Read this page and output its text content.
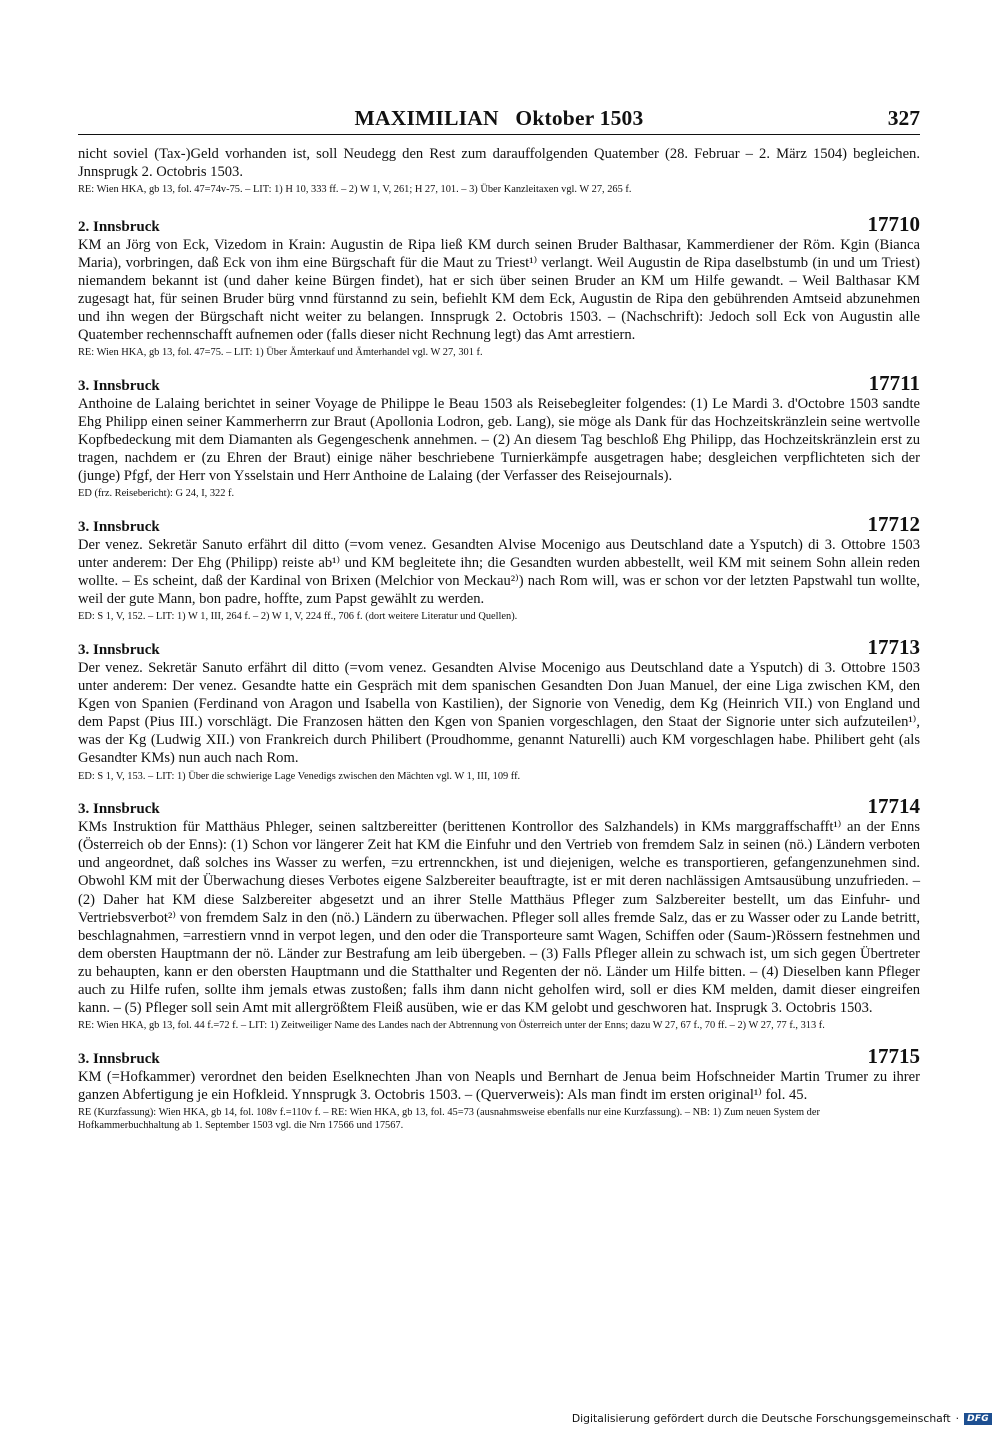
MAXIMILIAN   Oktober 1503	327

nicht soviel (Tax-)Geld vorhanden ist, soll Neudegg den Rest zum darauffolgenden Quatember (28. Februar – 2. März 1504) begleichen. Jnnsprugk 2. Octobris 1503.

RE: Wien HKA, gb 13, fol. 47=74v-75. – LIT: 1) H 10, 333 ff. – 2) W 1, V, 261; H 27, 101. – 3) Über Kanzleitaxen vgl. W 27, 265 f.
2. Innsbruck	17710

KM an Jörg von Eck, Vizedom in Krain: Augustin de Ripa ließ KM durch seinen Bruder Balthasar, Kammerdiener der Röm. Kgin (Bianca Maria), vorbringen, daß Eck von ihm eine Bürgschaft für die Maut zu Triest¹⁾ verlangt. Weil Augustin de Ripa daselbstumb (in und um Triest) niemandem bekannt ist (und daher keine Bürgen findet), hat er sich über seinen Bruder an KM um Hilfe gewandt. – Weil Balthasar KM zugesagt hat, für seinen Bruder bürg vnnd fürstannd zu sein, befiehlt KM dem Eck, Augustin de Ripa den gebührenden Amtseid abzunehmen und ihn wegen der Bürgschaft nicht weiter zu belangen. Innsprugk 2. Octobris 1503. – (Nachschrift): Jedoch soll Eck von Augustin alle Quatember rechennschafft aufnemen oder (falls dieser nicht Rechnung legt) das Amt arrestiern.

RE: Wien HKA, gb 13, fol. 47=75. – LIT: 1) Über Ämterkauf und Ämterhandel vgl. W 27, 301 f.
3. Innsbruck	17711

Anthoine de Lalaing berichtet in seiner Voyage de Philippe le Beau 1503 als Reisebegleiter folgendes: (1) Le Mardi 3. d'Octobre 1503 sandte Ehg Philipp einen seiner Kammerherrn zur Braut (Apollonia Lodron, geb. Lang), sie möge als Dank für das Hochzeitskränzlein seine wertvolle Kopfbedeckung mit dem Diamanten als Gegengeschenk annehmen. – (2) An diesem Tag beschloß Ehg Philipp, das Hochzeitskränzlein erst zu tragen, nachdem er (zu Ehren der Braut) einige näher beschriebene Turnierkämpfe ausgetragen habe; desgleichen verpflichteten sich der (junge) Pfgf, der Herr von Ysselstain und Herr Anthoine de Lalaing (der Verfasser des Reisejournals).

ED (frz. Reisebericht): G 24, I, 322 f.
3. Innsbruck	17712

Der venez. Sekretär Sanuto erfährt dil ditto (=vom venez. Gesandten Alvise Mocenigo aus Deutschland date a Ysputch) di 3. Ottobre 1503 unter anderem: Der Ehg (Philipp) reiste ab¹⁾ und KM begleitete ihn; die Gesandten wurden abbestellt, weil KM mit seinem Sohn allein reden wollte. – Es scheint, daß der Kardinal von Brixen (Melchior von Meckau²⁾) nach Rom will, was er schon vor der letzten Papstwahl tun wollte, weil der gute Mann, bon padre, hoffte, zum Papst gewählt zu werden.

ED: S 1, V, 152. – LIT: 1) W 1, III, 264 f. – 2) W 1, V, 224 ff., 706 f. (dort weitere Literatur und Quellen).
3. Innsbruck	17713

Der venez. Sekretär Sanuto erfährt dil ditto (=vom venez. Gesandten Alvise Mocenigo aus Deutschland date a Ysputch) di 3. Ottobre 1503 unter anderem: Der venez. Gesandte hatte ein Gespräch mit dem spanischen Gesandten Don Juan Manuel, der eine Liga zwischen KM, den Kgen von Spanien (Ferdinand von Aragon und Isabella von Kastilien), der Signorie von Venedig, dem Kg (Heinrich VII.) von England und dem Papst (Pius III.) vorschlägt. Die Franzosen hätten den Kgen von Spanien vorgeschlagen, den Staat der Signorie unter sich aufzuteilen¹⁾, was der Kg (Ludwig XII.) von Frankreich durch Philibert (Proudhomme, genannt Naturelli) auch KM vorgeschlagen habe. Philibert geht (als Gesandter KMs) nun auch nach Rom.

ED: S 1, V, 153. – LIT: 1) Über die schwierige Lage Venedigs zwischen den Mächten vgl. W 1, III, 109 ff.
3. Innsbruck	17714

KMs Instruktion für Matthäus Phleger, seinen saltzbereitter (berittenen Kontrollor des Salzhandels) in KMs marggraffschafft¹⁾ an der Enns (Österreich ob der Enns): (1) Schon vor längerer Zeit hat KM die Einfuhr und den Vertrieb von fremdem Salz in seinen (nö.) Ländern verboten und angeordnet, daß solches ins Wasser zu werfen, =zu ertrennckhen, ist und diejenigen, welche es transportieren, gefangenzunehmen sind. Obwohl KM mit der Überwachung dieses Verbotes eigene Salzbereiter beauftragte, ist er mit deren nachlässigen Amtsausübung unzufrieden. – (2) Daher hat KM diese Salzbereiter abgesetzt und an ihrer Stelle Matthäus Pfleger zum Salzbereiter bestellt, um das Einfuhr- und Vertriebsverbot²⁾ von fremdem Salz in den (nö.) Ländern zu überwachen. Pfleger soll alles fremde Salz, das er zu Wasser oder zu Lande betritt, beschlagnahmen, =arrestiern vnnd in verpot legen, und den oder die Transporteure samt Wagen, Schiffen oder (Saum-)Rössern festnehmen und dem obersten Hauptmann der nö. Länder zur Bestrafung am leib übergeben. – (3) Falls Pfleger allein zu schwach ist, um sich gegen Übertreter zu behaupten, kann er den obersten Hauptmann und die Statthalter und Regenten der nö. Länder um Hilfe bitten. – (4) Dieselben kann Pfleger auch zu Hilfe rufen, sollte ihm jemals etwas zustoßen; falls ihm dann nicht geholfen wird, soll er dies KM melden, damit dieser eingreifen kann. – (5) Pfleger soll sein Amt mit allergrößtem Fleiß ausüben, wie er das KM gelobt und geschworen hat. Insprugk 3. Octobris 1503.

RE: Wien HKA, gb 13, fol. 44 f.=72 f. – LIT: 1) Zeitweiliger Name des Landes nach der Abtrennung von Österreich unter der Enns; dazu W 27, 67 f., 70 ff. – 2) W 27, 77 f., 313 f.
3. Innsbruck	17715

KM (=Hofkammer) verordnet den beiden Eselknechten Jhan von Neapls und Bernhart de Jenua beim Hofschneider Martin Trumer zu ihrer ganzen Abfertigung je ein Hofkleid. Ynnsprugk 3. Octobris 1503. – (Querverweis): Als man findt im ersten original¹⁾ fol. 45.

RE (Kurzfassung): Wien HKA, gb 14, fol. 108v f.=110v f. – RE: Wien HKA, gb 13, fol. 45=73 (ausnahmsweise ebenfalls nur eine Kurzfassung). – NB: 1) Zum neuen System der Hofkammerbuchhaltung ab 1. September 1503 vgl. die Nrn 17566 und 17567.
Digitalisierung gefördert durch die Deutsche Forschungsgemeinschaft · DFG
